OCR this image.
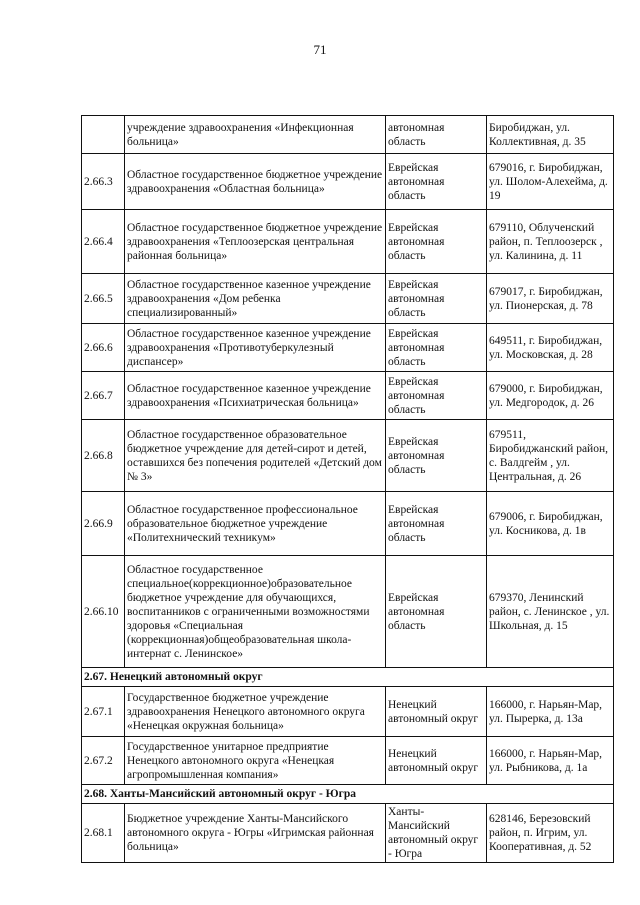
71
	учреждение здравоохранения «Инфекционная больница»	автономная область	Биробиджан, ул. Коллективная, д. 35
2.66.3	Областное государственное бюджетное учреждение здравоохранения «Областная больница»	Еврейская автономная область	679016, г. Биробиджан, ул. Шолом-Алехейма, д. 19
2.66.4	Областное государственное бюджетное учреждение здравоохранения «Теплоозерская центральная районная больница»	Еврейская автономная область	679110, Облученский район, п. Теплоозерск , ул. Калинина, д. 11
2.66.5	Областное государственное казенное учреждение здравоохранения «Дом ребенка специализированный»	Еврейская автономная область	679017, г. Биробиджан, ул. Пионерская, д. 78
2.66.6	Областное государственное казенное учреждение здравоохранения «Противотуберкулезный диспансер»	Еврейская автономная область	649511, г. Биробиджан, ул. Московская, д. 28
2.66.7	Областное государственное казенное учреждение здравоохранения «Психиатрическая больница»	Еврейская автономная область	679000, г. Биробиджан, ул. Медгородок, д. 26
2.66.8	Областное государственное образовательное бюджетное учреждение для детей-сирот и детей, оставшихся без попечения родителей «Детский дом № 3»	Еврейская автономная область	679511, Биробиджанский район, с. Валдгейм , ул. Центральная, д. 26
2.66.9	Областное государственное профессиональное образовательное бюджетное учреждение «Политехнический техникум»	Еврейская автономная область	679006, г. Биробиджан, ул. Косникова, д. 1в
2.66.10	Областное государственное специальное(коррекционное)образовательное бюджетное учреждение для обучающихся, воспитанников с ограниченными возможностями здоровья «Специальная (коррекционная)общеобразовательная школа-интернат с. Ленинское»	Еврейская автономная область	679370, Ленинский район, с. Ленинское , ул. Школьная, д. 15
2.67. Ненецкий автономный округ			
2.67.1	Государственное бюджетное учреждение здравоохранения Ненецкого автономного округа «Ненецкая окружная больница»	Ненецкий автономный округ	166000, г. Нарьян-Мар, ул. Пырерка, д. 13а
2.67.2	Государственное унитарное предприятие Ненецкого автономного округа «Ненецкая агропромышленная компания»	Ненецкий автономный округ	166000, г. Нарьян-Мар, ул. Рыбникова, д. 1а
2.68. Ханты-Мансийский автономный округ - Югра			
2.68.1	Бюджетное учреждение Ханты-Мансийского автономного округа - Югры «Игримская районная больница»	Ханты-Мансийский автономный округ - Югра	628146, Березовский район, п. Игрим, ул. Кооперативная, д. 52
